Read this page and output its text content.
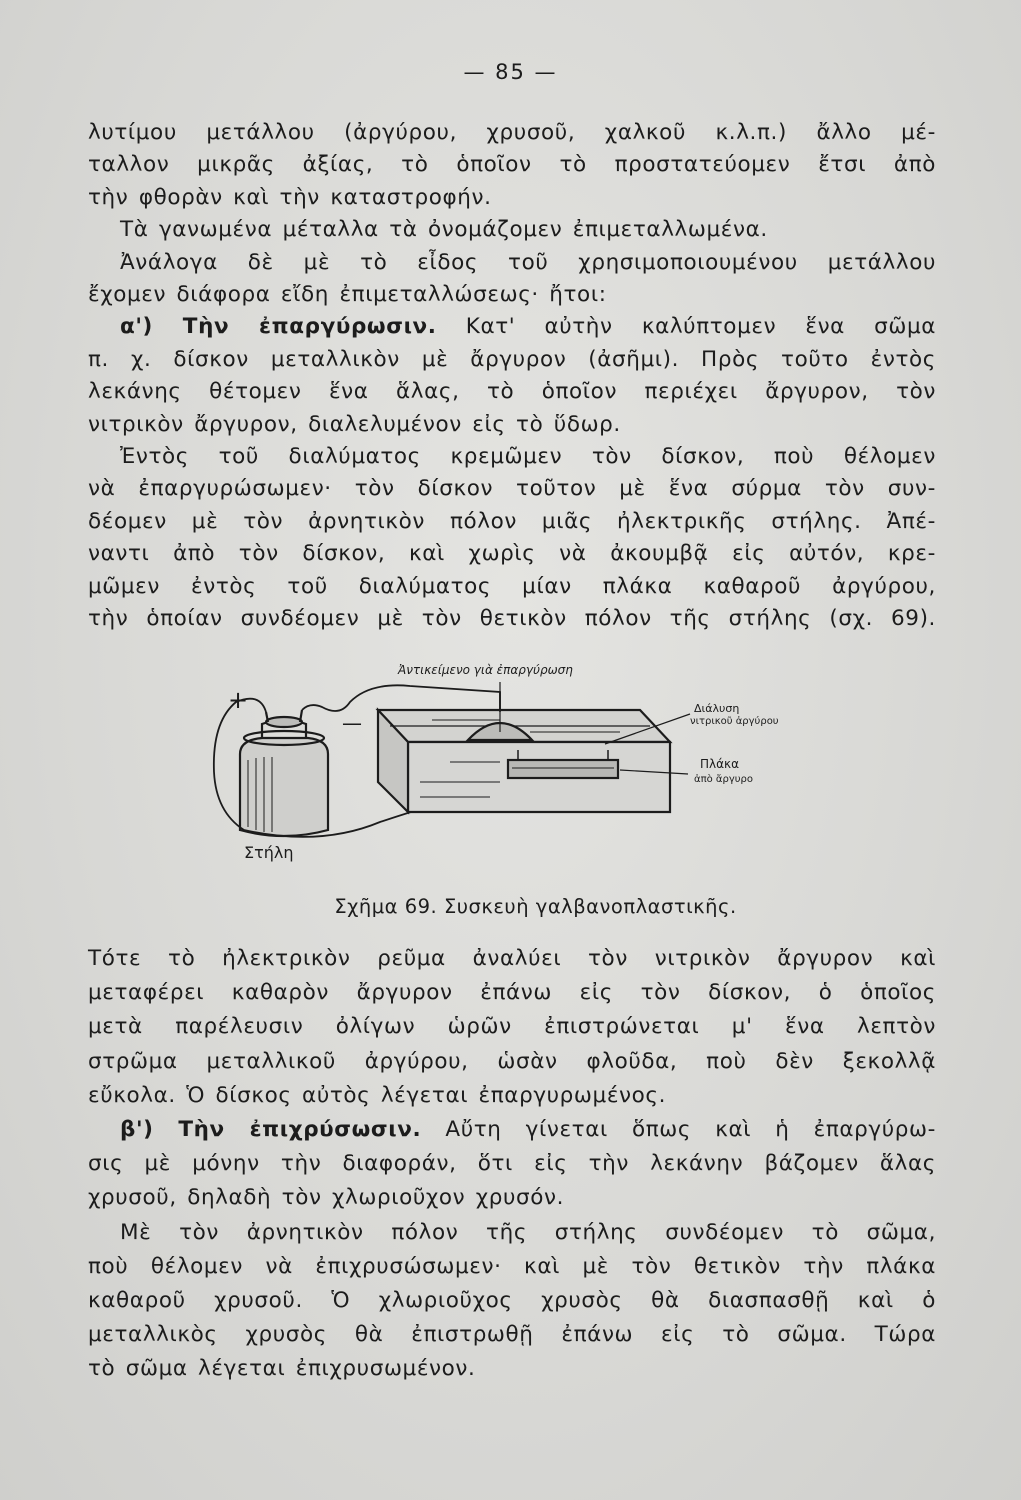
— 85 —

λυτίμου μετάλλου (ἀργύρου, χρυσοῦ, χαλκοῦ κ.λ.π.) ἄλλο μέ-
ταλλον μικρᾶς ἀξίας, τὸ ὁποῖον τὸ προστατεύομεν ἔτσι ἀπὸ
τὴν φθορὰν καὶ τὴν καταστροφήν.

Τὰ γανωμένα μέταλλα τὰ ὀνομάζομεν ἐπιμεταλλωμένα.

Ἀνάλογα δὲ μὲ τὸ εἶδος τοῦ χρησιμοποιουμένου μετάλλου
ἔχομεν διάφορα εἴδη ἐπιμεταλλώσεως· ἤτοι:

α') Τὴν ἐπαργύρωσιν. Κατ' αὐτὴν καλύπτομεν ἕνα σῶμα
π. χ. δίσκον μεταλλικὸν μὲ ἄργυρον (ἀσῆμι). Πρὸς τοῦτο ἐντὸς
λεκάνης θέτομεν ἕνα ἅλας, τὸ ὁποῖον περιέχει ἄργυρον, τὸν
νιτρικὸν ἄργυρον, διαλελυμένον εἰς τὸ ὕδωρ.

Ἐντὸς τοῦ διαλύματος κρεμῶμεν τὸν δίσκον, ποὺ θέλομεν
νὰ ἐπαργυρώσωμεν· τὸν δίσκον τοῦτον μὲ ἕνα σύρμα τὸν συν-
δέομεν μὲ τὸν ἀρνητικὸν πόλον μιᾶς ἠλεκτρικῆς στήλης. Ἀπέ-
ναντι ἀπὸ τὸν δίσκον, καὶ χωρὶς νὰ ἀκουμβᾷ εἰς αὐτόν, κρε-
μῶμεν ἐντὸς τοῦ διαλύματος μίαν πλάκα καθαροῦ ἀργύρου,
τὴν ὁποίαν συνδέομεν μὲ τὸν θετικὸν πόλον τῆς στήλης (σχ. 69).

Ἀντικείμενο γιὰ ἐπαργύρωση
Διάλυση
νιτρικοῦ ἀργύρου
Πλάκα
ἀπὸ ἄργυρο
Στήλη
+
—
Σχῆμα 69. Συσκευὴ γαλβανοπλαστικῆς.

Τότε τὸ ἠλεκτρικὸν ρεῦμα ἀναλύει τὸν νιτρικὸν ἄργυρον καὶ
μεταφέρει καθαρὸν ἄργυρον ἐπάνω εἰς τὸν δίσκον, ὁ ὁποῖος
μετὰ παρέλευσιν ὀλίγων ὡρῶν ἐπιστρώνεται μ' ἕνα λεπτὸν
στρῶμα μεταλλικοῦ ἀργύρου, ὡσὰν φλοῦδα, ποὺ δὲν ξεκολλᾷ
εὔκολα. Ὁ δίσκος αὐτὸς λέγεται ἐπαργυρωμένος.

β') Τὴν ἐπιχρύσωσιν. Αὔτη γίνεται ὅπως καὶ ἡ ἐπαργύρω-
σις μὲ μόνην τὴν διαφοράν, ὅτι εἰς τὴν λεκάνην βάζομεν ἅλας
χρυσοῦ, δηλαδὴ τὸν χλωριοῦχον χρυσόν.

Μὲ τὸν ἀρνητικὸν πόλον τῆς στήλης συνδέομεν τὸ σῶμα,
ποὺ θέλομεν νὰ ἐπιχρυσώσωμεν· καὶ μὲ τὸν θετικὸν τὴν πλάκα
καθαροῦ χρυσοῦ. Ὁ χλωριοῦχος χρυσὸς θὰ διασπασθῇ καὶ ὁ
μεταλλικὸς χρυσὸς θὰ ἐπιστρωθῇ ἐπάνω εἰς τὸ σῶμα. Τώρα
τὸ σῶμα λέγεται ἐπιχρυσωμένον.
